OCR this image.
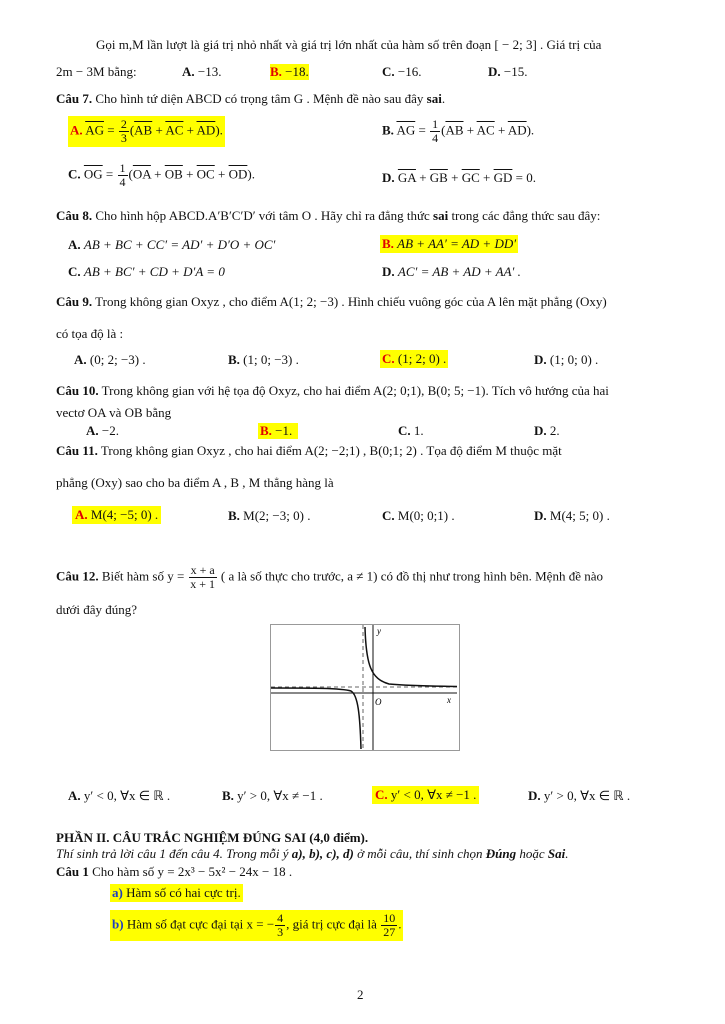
Gọi m,M lần lượt là giá trị nhỏ nhất và giá trị lớn nhất của hàm số trên đoạn [ − 2; 3] . Giá trị của
2m − 3M bằng:	A. −13.	B. −18.	C. −16.	D. −15.
Câu 7. Cho hình tứ diện ABCD có trọng tâm G . Mệnh đề nào sau đây sai.
A. $\overline{AG} = \frac{2}{3} (\overline{AB} + \overline{AC} + \overline{AD})$.	B. $\overline{AG} = \frac{1}{4} (\overline{AB} + \overline{AC} + \overline{AD})$.
C. $\overline{OG} = \frac{1}{4} (\overline{OA} + \overline{OB} + \overline{OC} + \overline{OD})$.	D. $\overline{GA} + \overline{GB} + \overline{GC} + \overline{GD} = 0$.
Câu 8. Cho hình hộp ABCD.A′B′C′D′ với tâm O . Hãy chỉ ra đẳng thức sai trong các đẳng thức sau đây:
A. AB + BC + CC′ = AD′ + D′O + OC′	B. AB + AA′ = AD + DD′
C. AB + BC′ + CD + D′A = 0	D. AC′ = AB + AD + AA′ .
Câu 9. Trong không gian Oxyz , cho điểm A(1; 2; −3) . Hình chiếu vuông góc của A lên mặt phẳng (Oxy)
có tọa độ là :
A. (0; 2; −3) .	B. (1; 0; −3) .	C. (1; 2; 0) .	D. (1; 0; 0) .
Câu 10. Trong không gian với hệ tọa độ Oxyz, cho hai điểm A(2; 0;1), B(0; 5; −1). Tích vô hướng của hai
vectơ OA và OB bằng
A. −2.	B. −1.	C. 1.	D. 2.
Câu 11. Trong không gian Oxyz , cho hai điểm A(2; −2;1) , B(0;1; 2) . Tọa độ điểm M thuộc mặt
phẳng (Oxy) sao cho ba điểm A , B , M thẳng hàng là
A. M(4; −5; 0) .	B. M(2; −3; 0) .	C. M(0; 0;1) .	D. M(4; 5; 0) .
Câu 12. Biết hàm số $y = \frac{x + a}{x + 1}$ ( a là số thực cho trước, a ≠ 1) có đồ thị như trong hình bên. Mệnh đề nào
dưới đây đúng?
y
x
O
A. y′ < 0, ∀x ∈ ℝ .	B. y′ > 0, ∀x ≠ −1 .	C. y′ < 0, ∀x ≠ −1 .	D. y′ > 0, ∀x ∈ ℝ .
PHẦN II. CÂU TRẮC NGHIỆM ĐÚNG SAI (4,0 điểm).
Thí sinh trả lời câu 1 đến câu 4. Trong mỗi ý a), b), c), d) ở mỗi câu, thí sinh chọn Đúng hoặc Sai.
Câu 1 Cho hàm số y = 2x³ − 5x² − 24x − 18 .
a) Hàm số có hai cực trị.
b) Hàm số đạt cực đại tại x = − $\frac{4}{3}$ , giá trị cực đại là $\frac{10}{27}$ .
2
